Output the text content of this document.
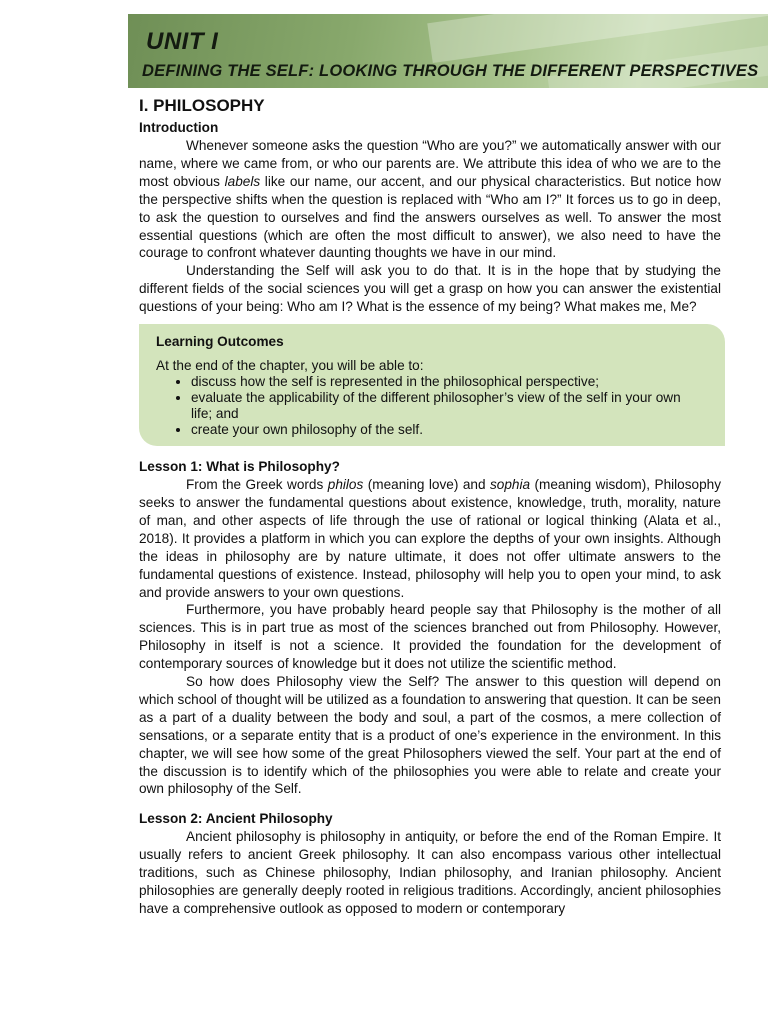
UNIT I
DEFINING THE SELF: LOOKING THROUGH THE DIFFERENT PERSPECTIVES
I. PHILOSOPHY
Introduction

Whenever someone asks the question “Who are you?” we automatically answer with our name, where we came from, or who our parents are. We attribute this idea of who we are to the most obvious labels like our name, our accent, and our physical characteristics. But notice how the perspective shifts when the question is replaced with “Who am I?” It forces us to go in deep, to ask the question to ourselves and find the answers ourselves as well. To answer the most essential questions (which are often the most difficult to answer), we also need to have the courage to confront whatever daunting thoughts we have in our mind.

Understanding the Self will ask you to do that. It is in the hope that by studying the different fields of the social sciences you will get a grasp on how you can answer the existential questions of your being: Who am I? What is the essence of my being? What makes me, Me?

Learning Outcomes
At the end of the chapter, you will be able to:
• discuss how the self is represented in the philosophical perspective;
• evaluate the applicability of the different philosopher’s view of the self in your own life; and
• create your own philosophy of the self.
Lesson 1: What is Philosophy?

From the Greek words philos (meaning love) and sophia (meaning wisdom), Philosophy seeks to answer the fundamental questions about existence, knowledge, truth, morality, nature of man, and other aspects of life through the use of rational or logical thinking (Alata et al., 2018). It provides a platform in which you can explore the depths of your own insights. Although the ideas in philosophy are by nature ultimate, it does not offer ultimate answers to the fundamental questions of existence. Instead, philosophy will help you to open your mind, to ask and provide answers to your own questions.

Furthermore, you have probably heard people say that Philosophy is the mother of all sciences. This is in part true as most of the sciences branched out from Philosophy. However, Philosophy in itself is not a science. It provided the foundation for the development of contemporary sources of knowledge but it does not utilize the scientific method.

So how does Philosophy view the Self? The answer to this question will depend on which school of thought will be utilized as a foundation to answering that question. It can be seen as a part of a duality between the body and soul, a part of the cosmos, a mere collection of sensations, or a separate entity that is a product of one’s experience in the environment. In this chapter, we will see how some of the great Philosophers viewed the self. Your part at the end of the discussion is to identify which of the philosophies you were able to relate and create your own philosophy of the Self.

Lesson 2: Ancient Philosophy

Ancient philosophy is philosophy in antiquity, or before the end of the Roman Empire. It usually refers to ancient Greek philosophy. It can also encompass various other intellectual traditions, such as Chinese philosophy, Indian philosophy, and Iranian philosophy. Ancient philosophies are generally deeply rooted in religious traditions. Accordingly, ancient philosophies have a comprehensive outlook as opposed to modern or contemporary
